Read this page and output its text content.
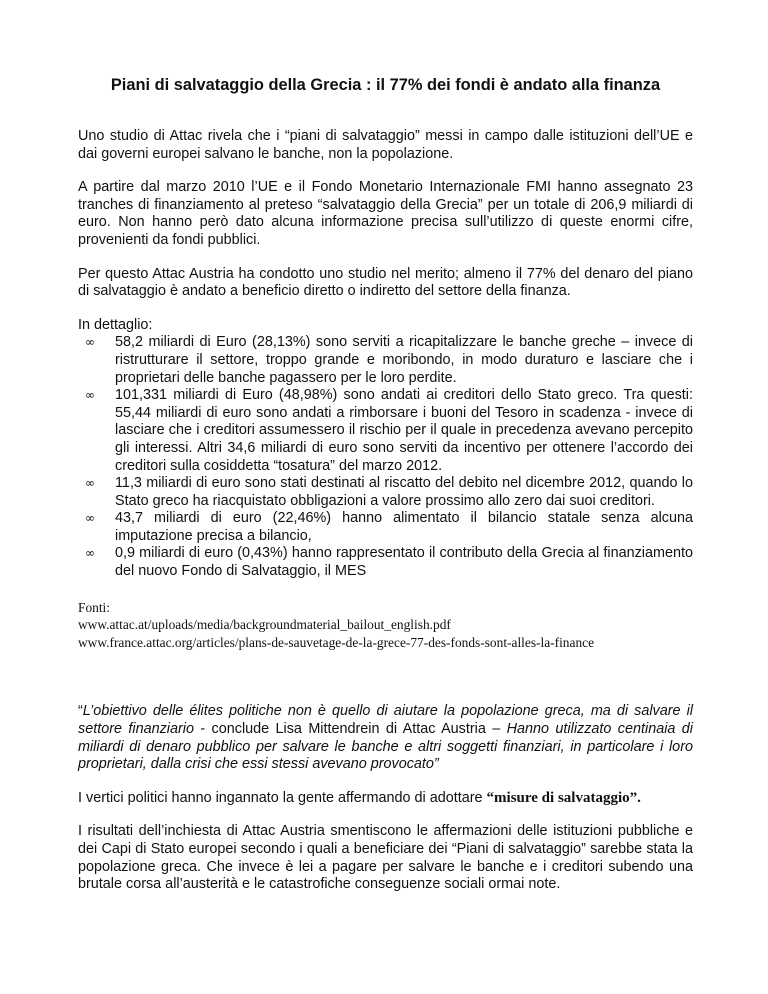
Piani di salvataggio della Grecia : il 77% dei fondi è andato alla finanza

Uno studio di Attac rivela che i “piani di salvataggio” messi in campo dalle istituzioni dell’UE e dai governi europei salvano le banche, non la popolazione.

A partire dal marzo 2010 l’UE e il Fondo Monetario Internazionale FMI hanno assegnato 23 tranches di finanziamento al preteso “salvataggio della Grecia” per un totale di 206,9 miliardi di euro. Non hanno però dato alcuna informazione precisa sull’utilizzo di queste enormi cifre, provenienti da fondi pubblici.

Per questo Attac Austria ha condotto uno studio nel merito; almeno il 77% del denaro del piano di salvataggio è andato a beneficio diretto o indiretto del settore della finanza.

In dettaglio:

∞ 58,2 miliardi di Euro (28,13%) sono serviti a ricapitalizzare le banche greche – invece di ristrutturare il settore, troppo grande e moribondo, in modo duraturo e lasciare che i proprietari delle banche pagassero per le loro perdite.
∞ 101,331 miliardi di Euro (48,98%) sono andati ai creditori dello Stato greco. Tra questi: 55,44 miliardi di euro sono andati a rimborsare i buoni del Tesoro in scadenza - invece di lasciare che i creditori assumessero il rischio per il quale in precedenza avevano percepito gli interessi. Altri 34,6 miliardi di euro sono serviti da incentivo per ottenere l’accordo dei creditori sulla cosiddetta “tosatura” del marzo 2012.
∞ 11,3 miliardi di euro sono stati destinati al riscatto del debito nel dicembre 2012, quando lo Stato greco ha riacquistato obbligazioni a valore prossimo allo zero dai suoi creditori.
∞ 43,7 miliardi di euro (22,46%) hanno alimentato il bilancio statale senza alcuna imputazione precisa a bilancio,
∞ 0,9 miliardi di euro (0,43%) hanno rappresentato il contributo della Grecia al finanziamento del nuovo Fondo di Salvataggio, il MES
Fonti:
www.attac.at/uploads/media/backgroundmaterial_bailout_english.pdf
www.france.attac.org/articles/plans-de-sauvetage-de-la-grece-77-des-fonds-sont-alles-la-finance

“L’obiettivo delle élites politiche non è quello di aiutare la popolazione greca, ma di salvare il settore finanziario - conclude Lisa Mittendrein di Attac Austria – Hanno utilizzato centinaia di miliardi di denaro pubblico per salvare le banche e altri soggetti finanziari, in particolare i loro proprietari, dalla crisi che essi stessi avevano provocato”

I vertici politici hanno ingannato la gente affermando di adottare “misure di salvataggio”.

I risultati dell’inchiesta di Attac Austria smentiscono le affermazioni delle istituzioni pubbliche e dei Capi di Stato europei secondo i quali a beneficiare dei “Piani di salvataggio” sarebbe stata la popolazione greca. Che invece è lei a pagare per salvare le banche e i creditori subendo una brutale corsa all’austerità e le catastrofiche conseguenze sociali ormai note.
